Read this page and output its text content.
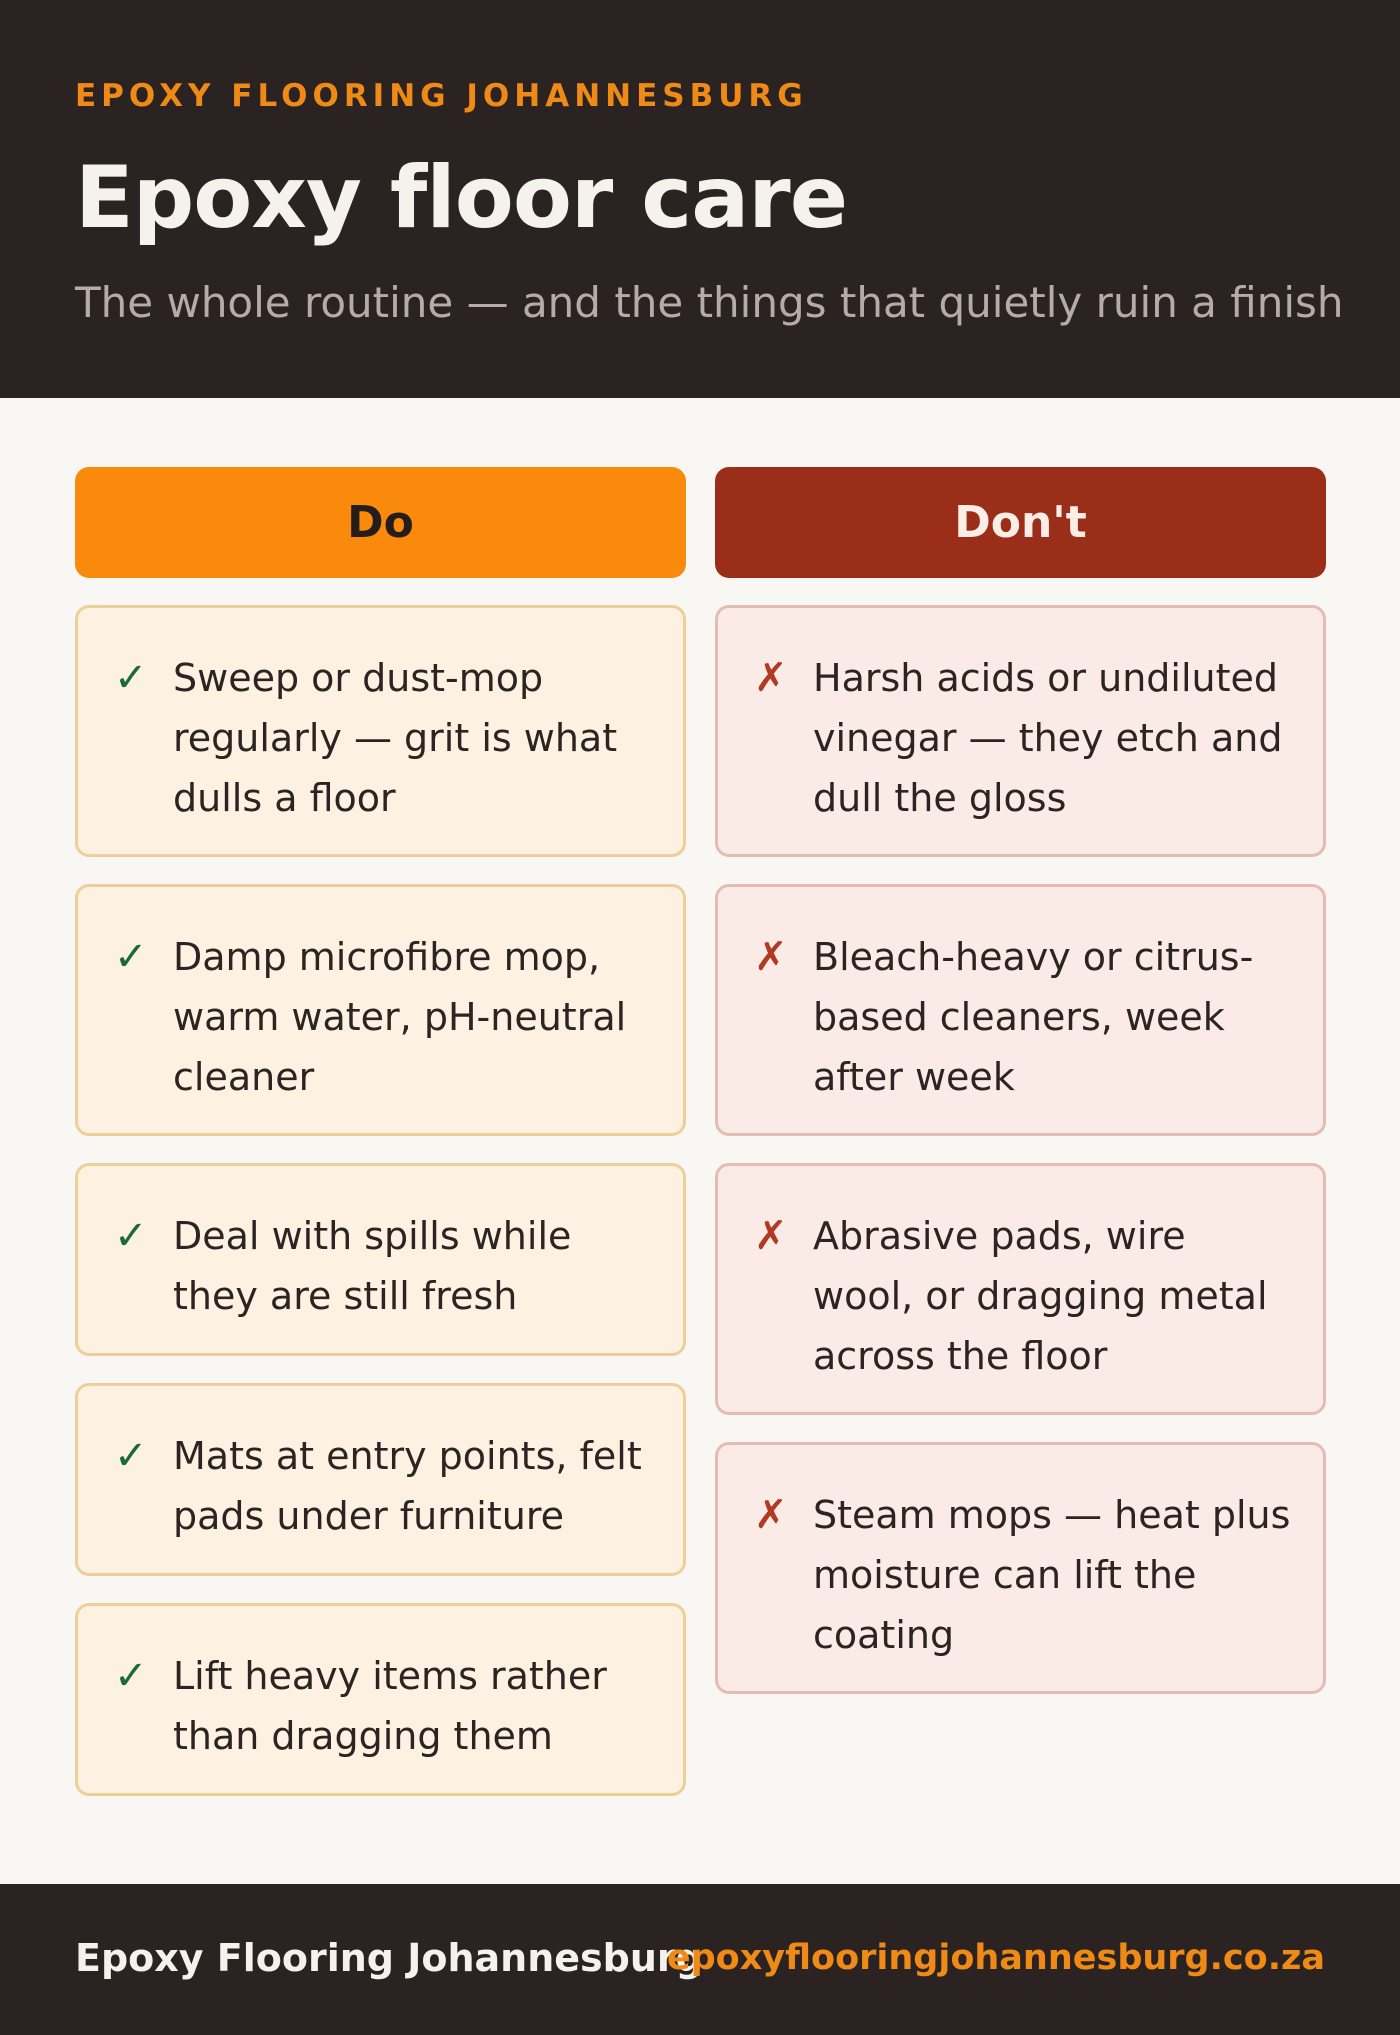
EPOXY FLOORING JOHANNESBURG
Epoxy floor care
The whole routine — and the things that quietly ruin a finish
Do
✓ Sweep or dust-mop regularly — grit is what dulls a floor
✓ Damp microfibre mop, warm water, pH-neutral cleaner
✓ Deal with spills while they are still fresh
✓ Mats at entry points, felt pads under furniture
✓ Lift heavy items rather than dragging them
Don't
✗ Harsh acids or undiluted vinegar — they etch and dull the gloss
✗ Bleach-heavy or citrus-based cleaners, week after week
✗ Abrasive pads, wire wool, or dragging metal across the floor
✗ Steam mops — heat plus moisture can lift the coating
Epoxy Flooring Johannesburg
epoxyflooringjohannesburg.co.za
